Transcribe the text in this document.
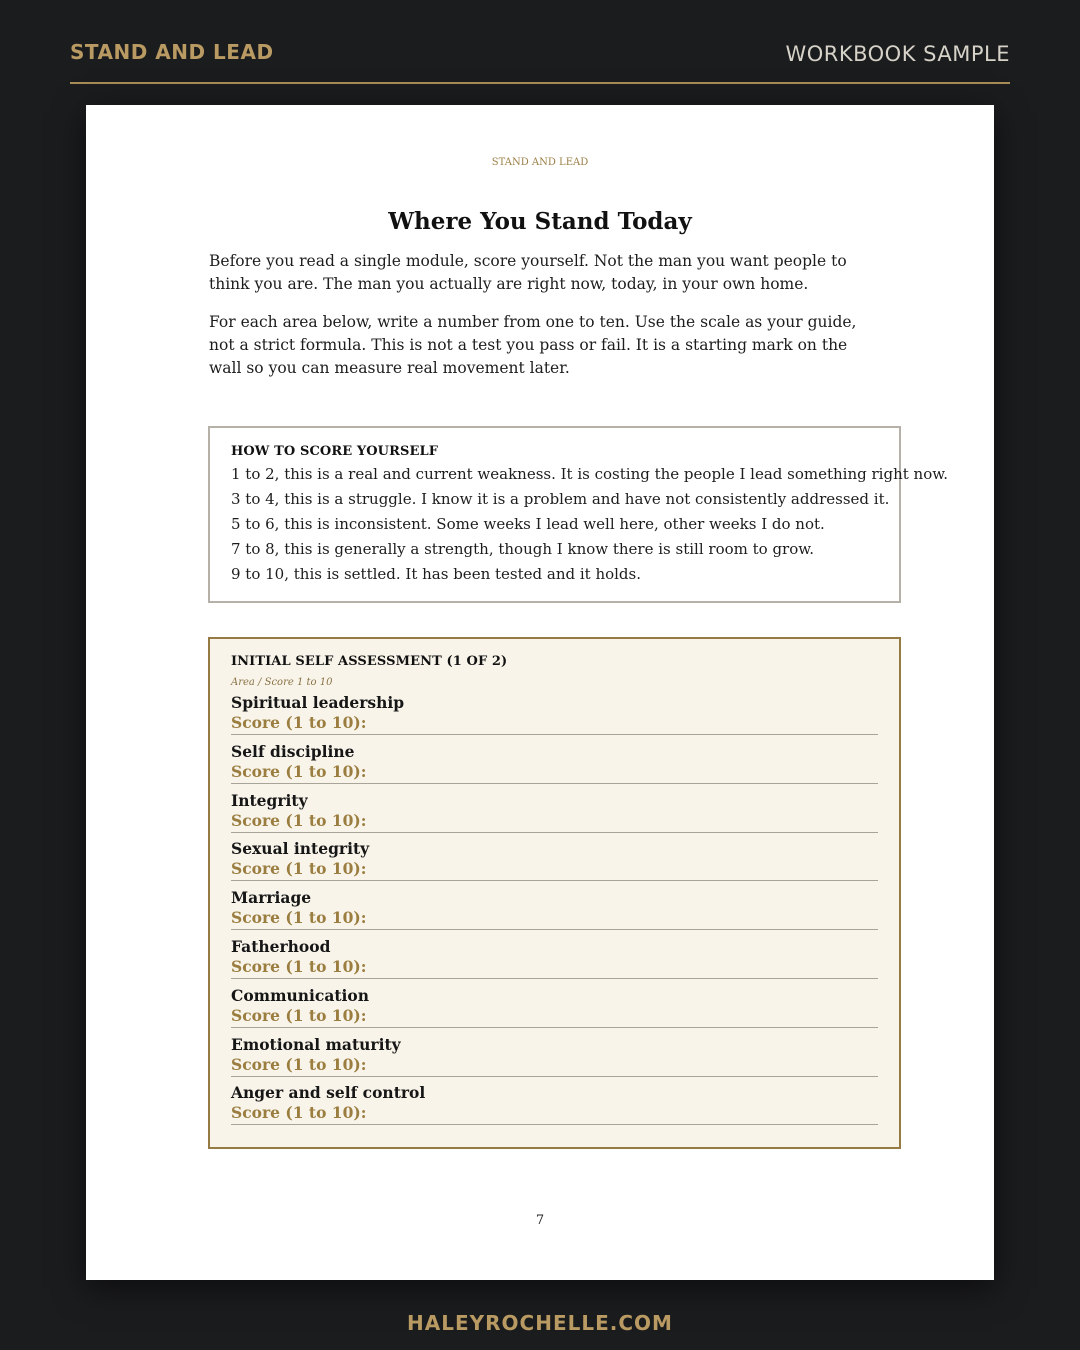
STAND AND LEAD	WORKBOOK SAMPLE
STAND AND LEAD
Where You Stand Today

Before you read a single module, score yourself. Not the man you want people to think you are. The man you actually are right now, today, in your own home.

For each area below, write a number from one to ten. Use the scale as your guide, not a strict formula. This is not a test you pass or fail. It is a starting mark on the wall so you can measure real movement later.

HOW TO SCORE YOURSELF
1 to 2, this is a real and current weakness. It is costing the people I lead something right now.
3 to 4, this is a struggle. I know it is a problem and have not consistently addressed it.
5 to 6, this is inconsistent. Some weeks I lead well here, other weeks I do not.
7 to 8, this is generally a strength, though I know there is still room to grow.
9 to 10, this is settled. It has been tested and it holds.
INITIAL SELF ASSESSMENT (1 OF 2)
Area / Score 1 to 10
Spiritual leadership
Score (1 to 10):
Self discipline
Score (1 to 10):
Integrity
Score (1 to 10):
Sexual integrity
Score (1 to 10):
Marriage
Score (1 to 10):
Fatherhood
Score (1 to 10):
Communication
Score (1 to 10):
Emotional maturity
Score (1 to 10):
Anger and self control
Score (1 to 10):
7
HALEYROCHELLE.COM
